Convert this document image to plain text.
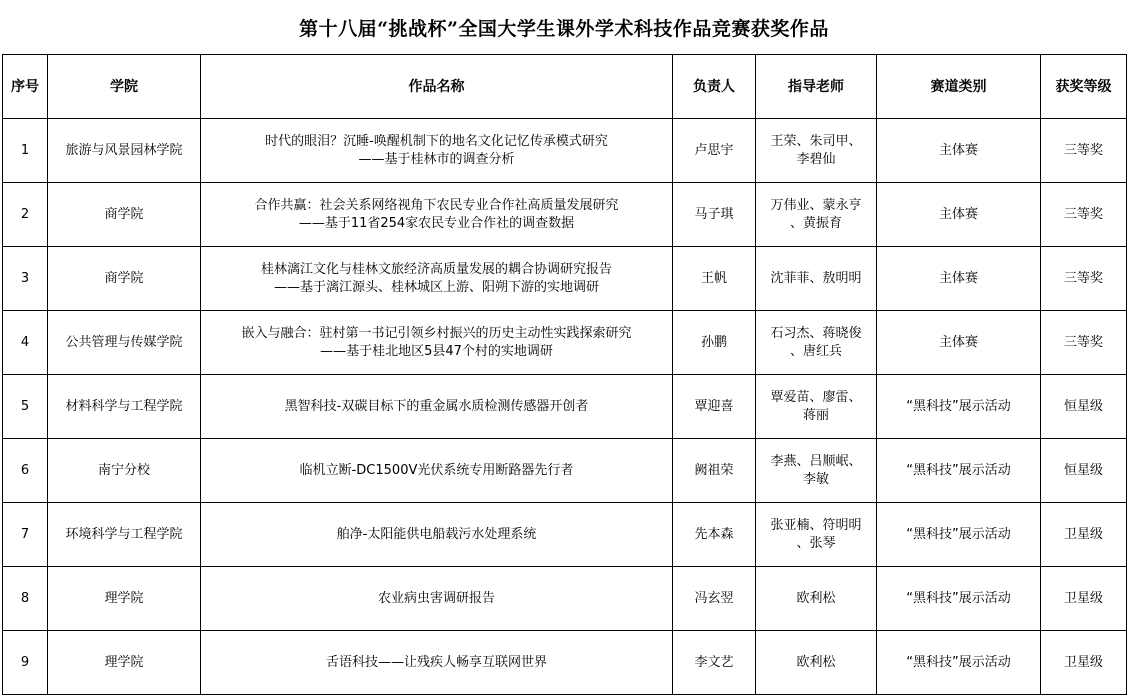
第十八届“挑战杯”全国大学生课外学术科技作品竞赛获奖作品
序号	学院	作品名称	负责人	指导老师	赛道类别	获奖等级
1	旅游与风景园林学院	时代的眼泪？沉睡-唤醒机制下的地名文化记忆传承模式研究
——基于桂林市的调查分析	卢思宇	王荣、朱司甲、
李碧仙	主体赛	三等奖
2	商学院	合作共赢：社会关系网络视角下农民专业合作社高质量发展研究
——基于11省254家农民专业合作社的调查数据	马子琪	万伟业、蒙永亨
、黄振育	主体赛	三等奖
3	商学院	桂林漓江文化与桂林文旅经济高质量发展的耦合协调研究报告
——基于漓江源头、桂林城区上游、阳朔下游的实地调研	王帆	沈菲菲、敖明明	主体赛	三等奖
4	公共管理与传媒学院	嵌入与融合：驻村第一书记引领乡村振兴的历史主动性实践探索研究
——基于桂北地区5县47个村的实地调研	孙鹏	石习杰、蒋晓俊
、唐红兵	主体赛	三等奖
5	材料科学与工程学院	黑智科技-双碳目标下的重金属水质检测传感器开创者	覃迎喜	覃爱苗、廖雷、
蒋丽	“黑科技”展示活动	恒星级
6	南宁分校	临机立断-DC1500V光伏系统专用断路器先行者	阙祖荣	李燕、吕顺岷、
李敏	“黑科技”展示活动	恒星级
7	环境科学与工程学院	舶净-太阳能供电船载污水处理系统	先本森	张亚楠、符明明
、张琴	“黑科技”展示活动	卫星级
8	理学院	农业病虫害调研报告	冯玄翌	欧利松	“黑科技”展示活动	卫星级
9	理学院	舌语科技——让残疾人畅享互联网世界	李文艺	欧利松	“黑科技”展示活动	卫星级
